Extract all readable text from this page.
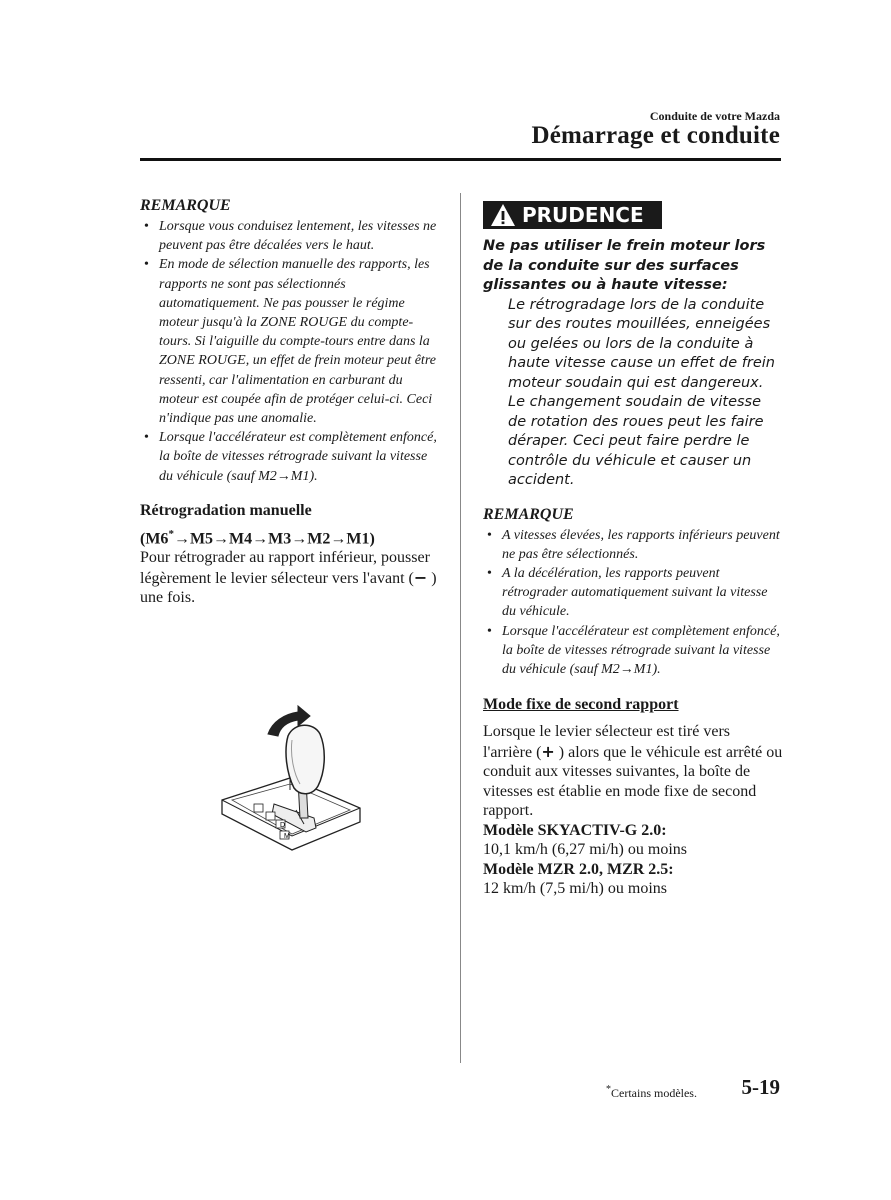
Conduite de votre Mazda
Démarrage et conduite
REMARQUE
• Lorsque vous conduisez lentement, les vitesses ne peuvent pas être décalées vers le haut.
• En mode de sélection manuelle des rapports, les rapports ne sont pas sélectionnés automatiquement. Ne pas pousser le régime moteur jusqu'à la ZONE ROUGE du compte-tours. Si l'aiguille du compte-tours entre dans la ZONE ROUGE, un effet de frein moteur peut être ressenti, car l'alimentation en carburant du moteur est coupée afin de protéger celui-ci. Ceci n'indique pas une anomalie.
• Lorsque l'accélérateur est complètement enfoncé, la boîte de vitesses rétrograde suivant la vitesse du véhicule (sauf M2→M1).
Rétrogradation manuelle
(M6*→M5→M4→M3→M2→M1)
Pour rétrograder au rapport inférieur, pousser légèrement le levier sélecteur vers l'avant (− ) une fois.
D
M
PRUDENCE
Ne pas utiliser le frein moteur lors de la conduite sur des surfaces glissantes ou à haute vitesse:
Le rétrogradage lors de la conduite sur des routes mouillées, enneigées ou gelées ou lors de la conduite à haute vitesse cause un effet de frein moteur soudain qui est dangereux. Le changement soudain de vitesse de rotation des roues peut les faire déraper. Ceci peut faire perdre le contrôle du véhicule et causer un accident.
REMARQUE
• A vitesses élevées, les rapports inférieurs peuvent ne pas être sélectionnés.
• A la décélération, les rapports peuvent rétrograder automatiquement suivant la vitesse du véhicule.
• Lorsque l'accélérateur est complètement enfoncé, la boîte de vitesses rétrograde suivant la vitesse du véhicule (sauf M2→M1).
Mode fixe de second rapport
Lorsque le levier sélecteur est tiré vers l'arrière (+ ) alors que le véhicule est arrêté ou conduit aux vitesses suivantes, la boîte de vitesses est établie en mode fixe de second rapport.
Modèle SKYACTIV-G 2.0:
10,1 km/h (6,27 mi/h) ou moins
Modèle MZR 2.0, MZR 2.5:
12 km/h (7,5 mi/h) ou moins
*Certains modèles. 5-19
